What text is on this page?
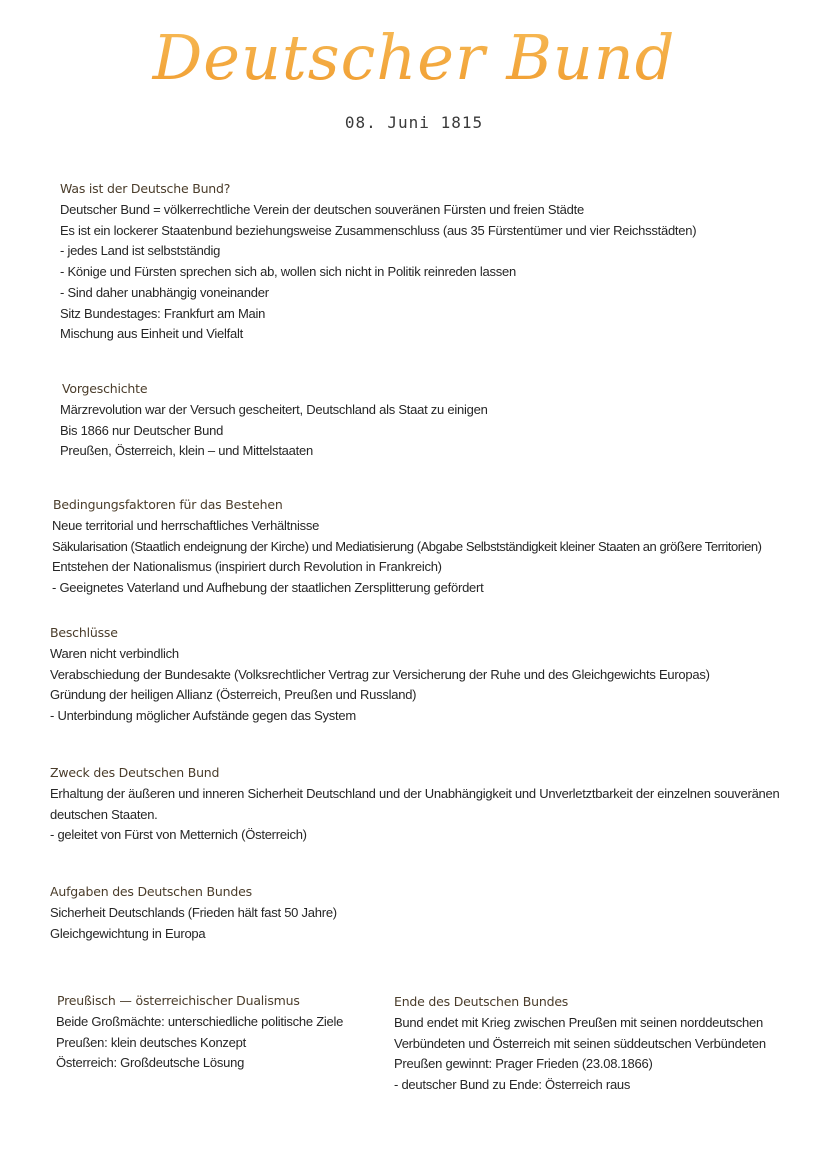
Deutscher Bund
08. Juni 1815
Was ist der Deutsche Bund?
Deutscher Bund = völkerrechtliche Verein der deutschen souveränen Fürsten und freien Städte
Es ist ein lockerer Staatenbund beziehungsweise Zusammenschluss (aus 35 Fürstentümer und vier Reichsstädten)
- jedes Land ist selbstständig
- Könige und Fürsten sprechen sich ab, wollen sich nicht in Politik reinreden lassen
- Sind daher unabhängig voneinander
Sitz Bundestages: Frankfurt am Main
Mischung aus Einheit und Vielfalt
Vorgeschichte
Märzrevolution war der Versuch gescheitert, Deutschland als Staat zu einigen
Bis 1866 nur Deutscher Bund
Preußen, Österreich, klein – und Mittelstaaten
Bedingungsfaktoren für das Bestehen
Neue territorial und herrschaftliches Verhältnisse
Säkularisation (Staatlich endeignung der Kirche) und Mediatisierung (Abgabe Selbstständigkeit kleiner Staaten an größere Territorien)
Entstehen der Nationalismus (inspiriert durch Revolution in Frankreich)
- Geeignetes Vaterland und Aufhebung der staatlichen Zersplitterung gefördert
Beschlüsse
Waren nicht verbindlich
Verabschiedung der Bundesakte (Volksrechtlicher Vertrag zur Versicherung der Ruhe und des Gleichgewichts Europas)
Gründung der heiligen Allianz (Österreich, Preußen und Russland)
- Unterbindung möglicher Aufstände gegen das System
Zweck des Deutschen Bund
Erhaltung der äußeren und inneren Sicherheit Deutschland und der Unabhängigkeit und Unverletztbarkeit der einzelnen souveränen
deutschen Staaten.
- geleitet von Fürst von Metternich (Österreich)
Aufgaben des Deutschen Bundes
Sicherheit Deutschlands (Frieden hält fast 50 Jahre)
Gleichgewichtung in Europa
Preußisch — österreichischer Dualismus
Beide Großmächte: unterschiedliche politische Ziele
Preußen: klein deutsches Konzept
Österreich: Großdeutsche Lösung
Ende des Deutschen Bundes
Bund endet mit Krieg zwischen Preußen mit seinen norddeutschen
Verbündeten und Österreich mit seinen süddeutschen Verbündeten
Preußen gewinnt: Prager Frieden (23.08.1866)
- deutscher Bund zu Ende: Österreich raus
